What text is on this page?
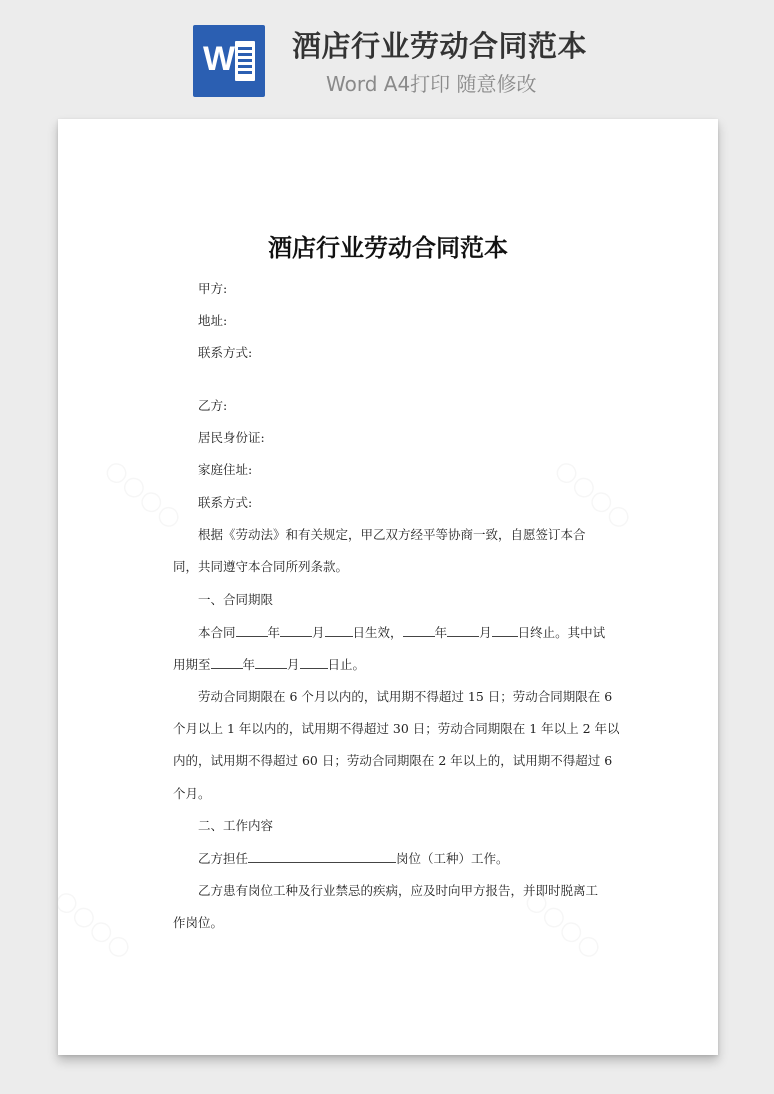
W 酒店行业劳动合同范本
Word A4打印 随意修改
酒店行业劳动合同范本
甲方:
地址:
联系方式:
乙方:
居民身份证:
家庭住址:
联系方式:
根据《劳动法》和有关规定，甲乙双方经平等协商一致，自愿签订本合
同，共同遵守本合同所列条款。
一、合同期限
本合同	年	月 日生效，	年	月 日终止。其中试
用期至	年	月 日止。
劳动合同期限在 6 个月以内的，试用期不得超过 15 日；劳动合同期限在 6
个月以上 1 年以内的，试用期不得超过 30 日；劳动合同期限在 1 年以上 2 年以
内的，试用期不得超过 60 日；劳动合同期限在 2 年以上的，试用期不得超过 6
个月。
二、工作内容
乙方担任	岗位（工种）工作。
乙方患有岗位工种及行业禁忌的疾病，应及时向甲方报告，并即时脱离工
作岗位。
